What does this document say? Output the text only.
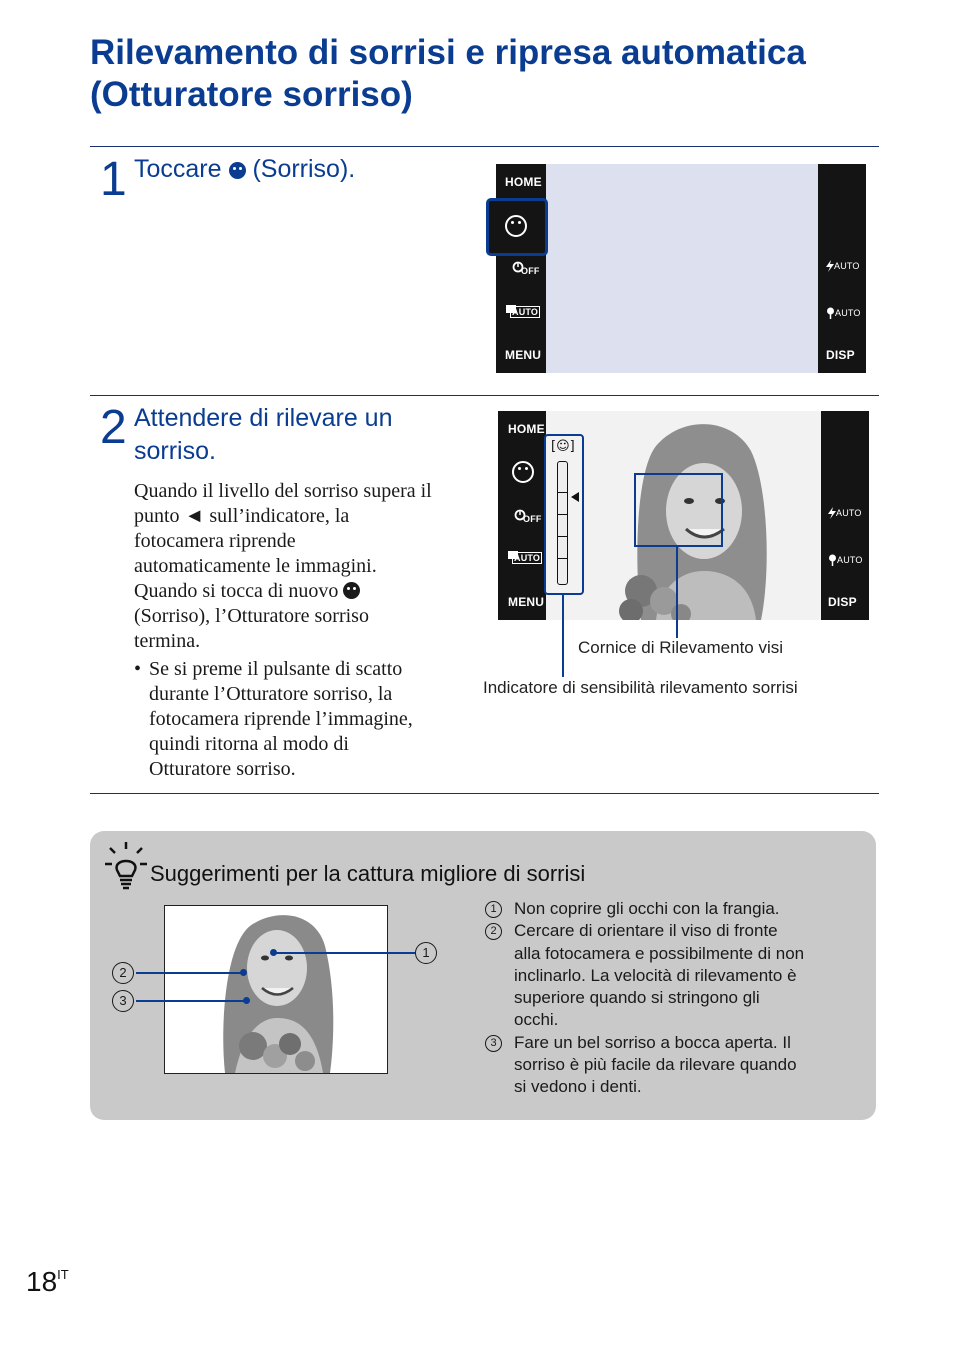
Rilevamento di sorrisi e ripresa automatica
(Otturatore sorriso)
1 Toccare (Sorriso).	HOME
OFF
AUTO
MENU
AUTO
AUTO
DISP
2 Attendere di rilevare un
sorriso.
Quando il livello del sorriso supera il
punto ◄ sull’indicatore, la
fotocamera riprende
automaticamente le immagini.
Quando si tocca di nuovo
(Sorriso), l’Otturatore sorriso
termina.
• Se si preme il pulsante di scatto
durante l’Otturatore sorriso, la
fotocamera riprende l’immagine,
quindi ritorna al modo di
Otturatore sorriso.
HOME
OFF
AUTO
MENU
[☺]
AUTO
AUTO
DISP
Cornice di Rilevamento visi
Indicatore di sensibilità rilevamento sorrisi
Suggerimenti per la cattura migliore di sorrisi
1
2
3
1	Non coprire gli occhi con la frangia.
2	Cercare di orientare il viso di fronte
alla fotocamera e possibilmente di non
inclinarlo. La velocità di rilevamento è
superiore quando si stringono gli
occhi.
3	Fare un bel sorriso a bocca aperta. Il
sorriso è più facile da rilevare quando
si vedono i denti.
$18^{IT}$
